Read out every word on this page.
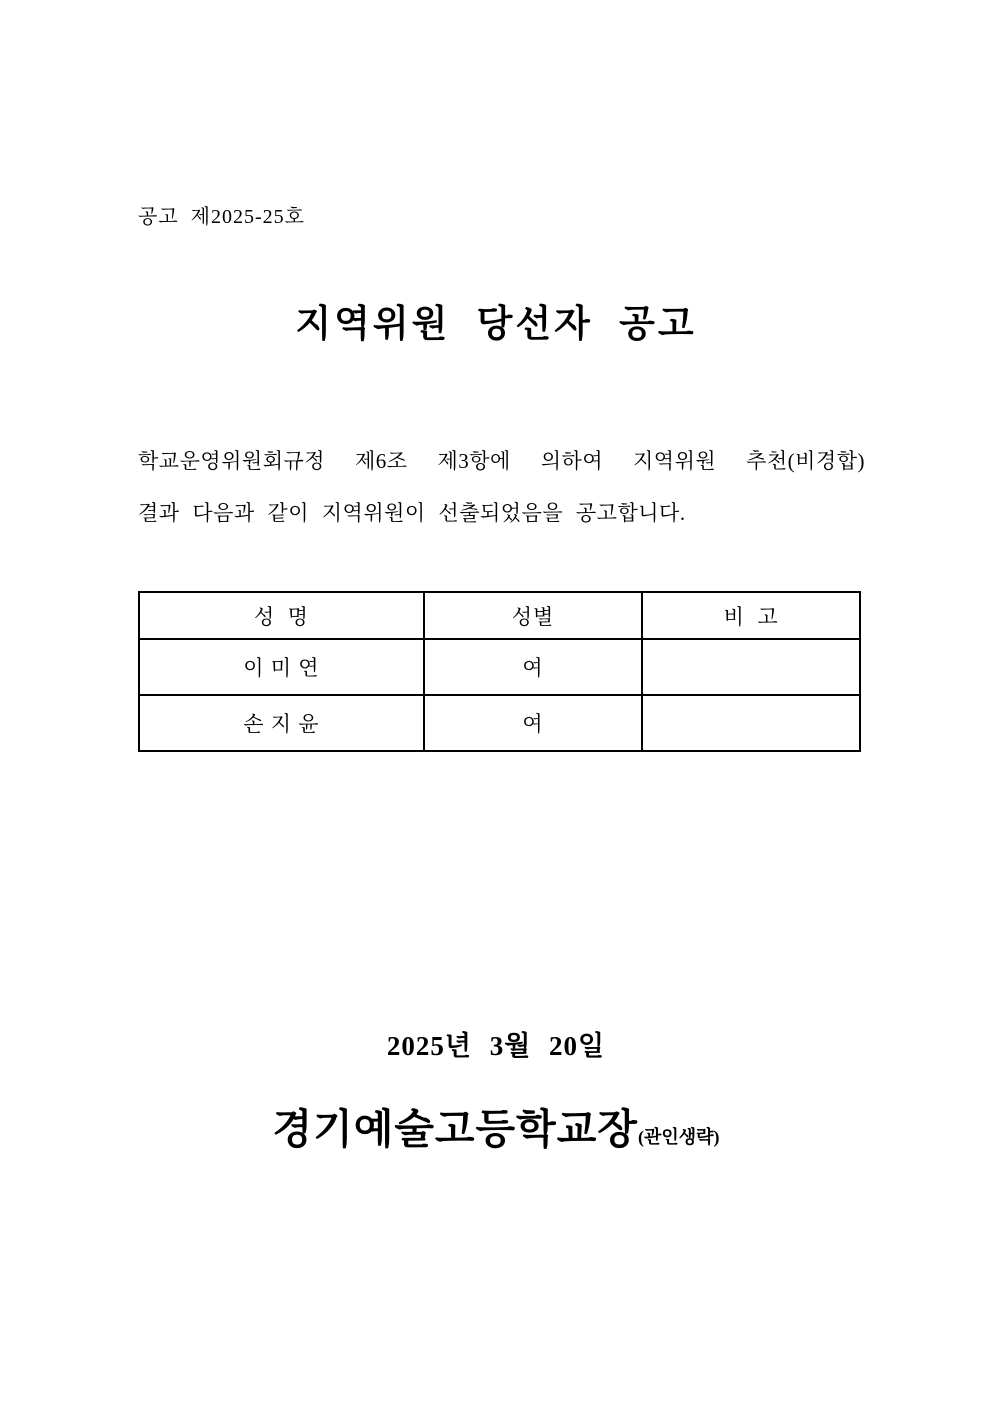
공고 제2025-25호
지역위원 당선자 공고
학교운영위원회규정 제6조 제3항에 의하여 지역위원 추천(비경합)
결과 다음과 같이 지역위원이 선출되었음을 공고합니다.
성  명	성별	비  고
이 미 연	여	
손 지 윤	여	
2025년 3월 20일
경기예술고등학교장(관인생략)
